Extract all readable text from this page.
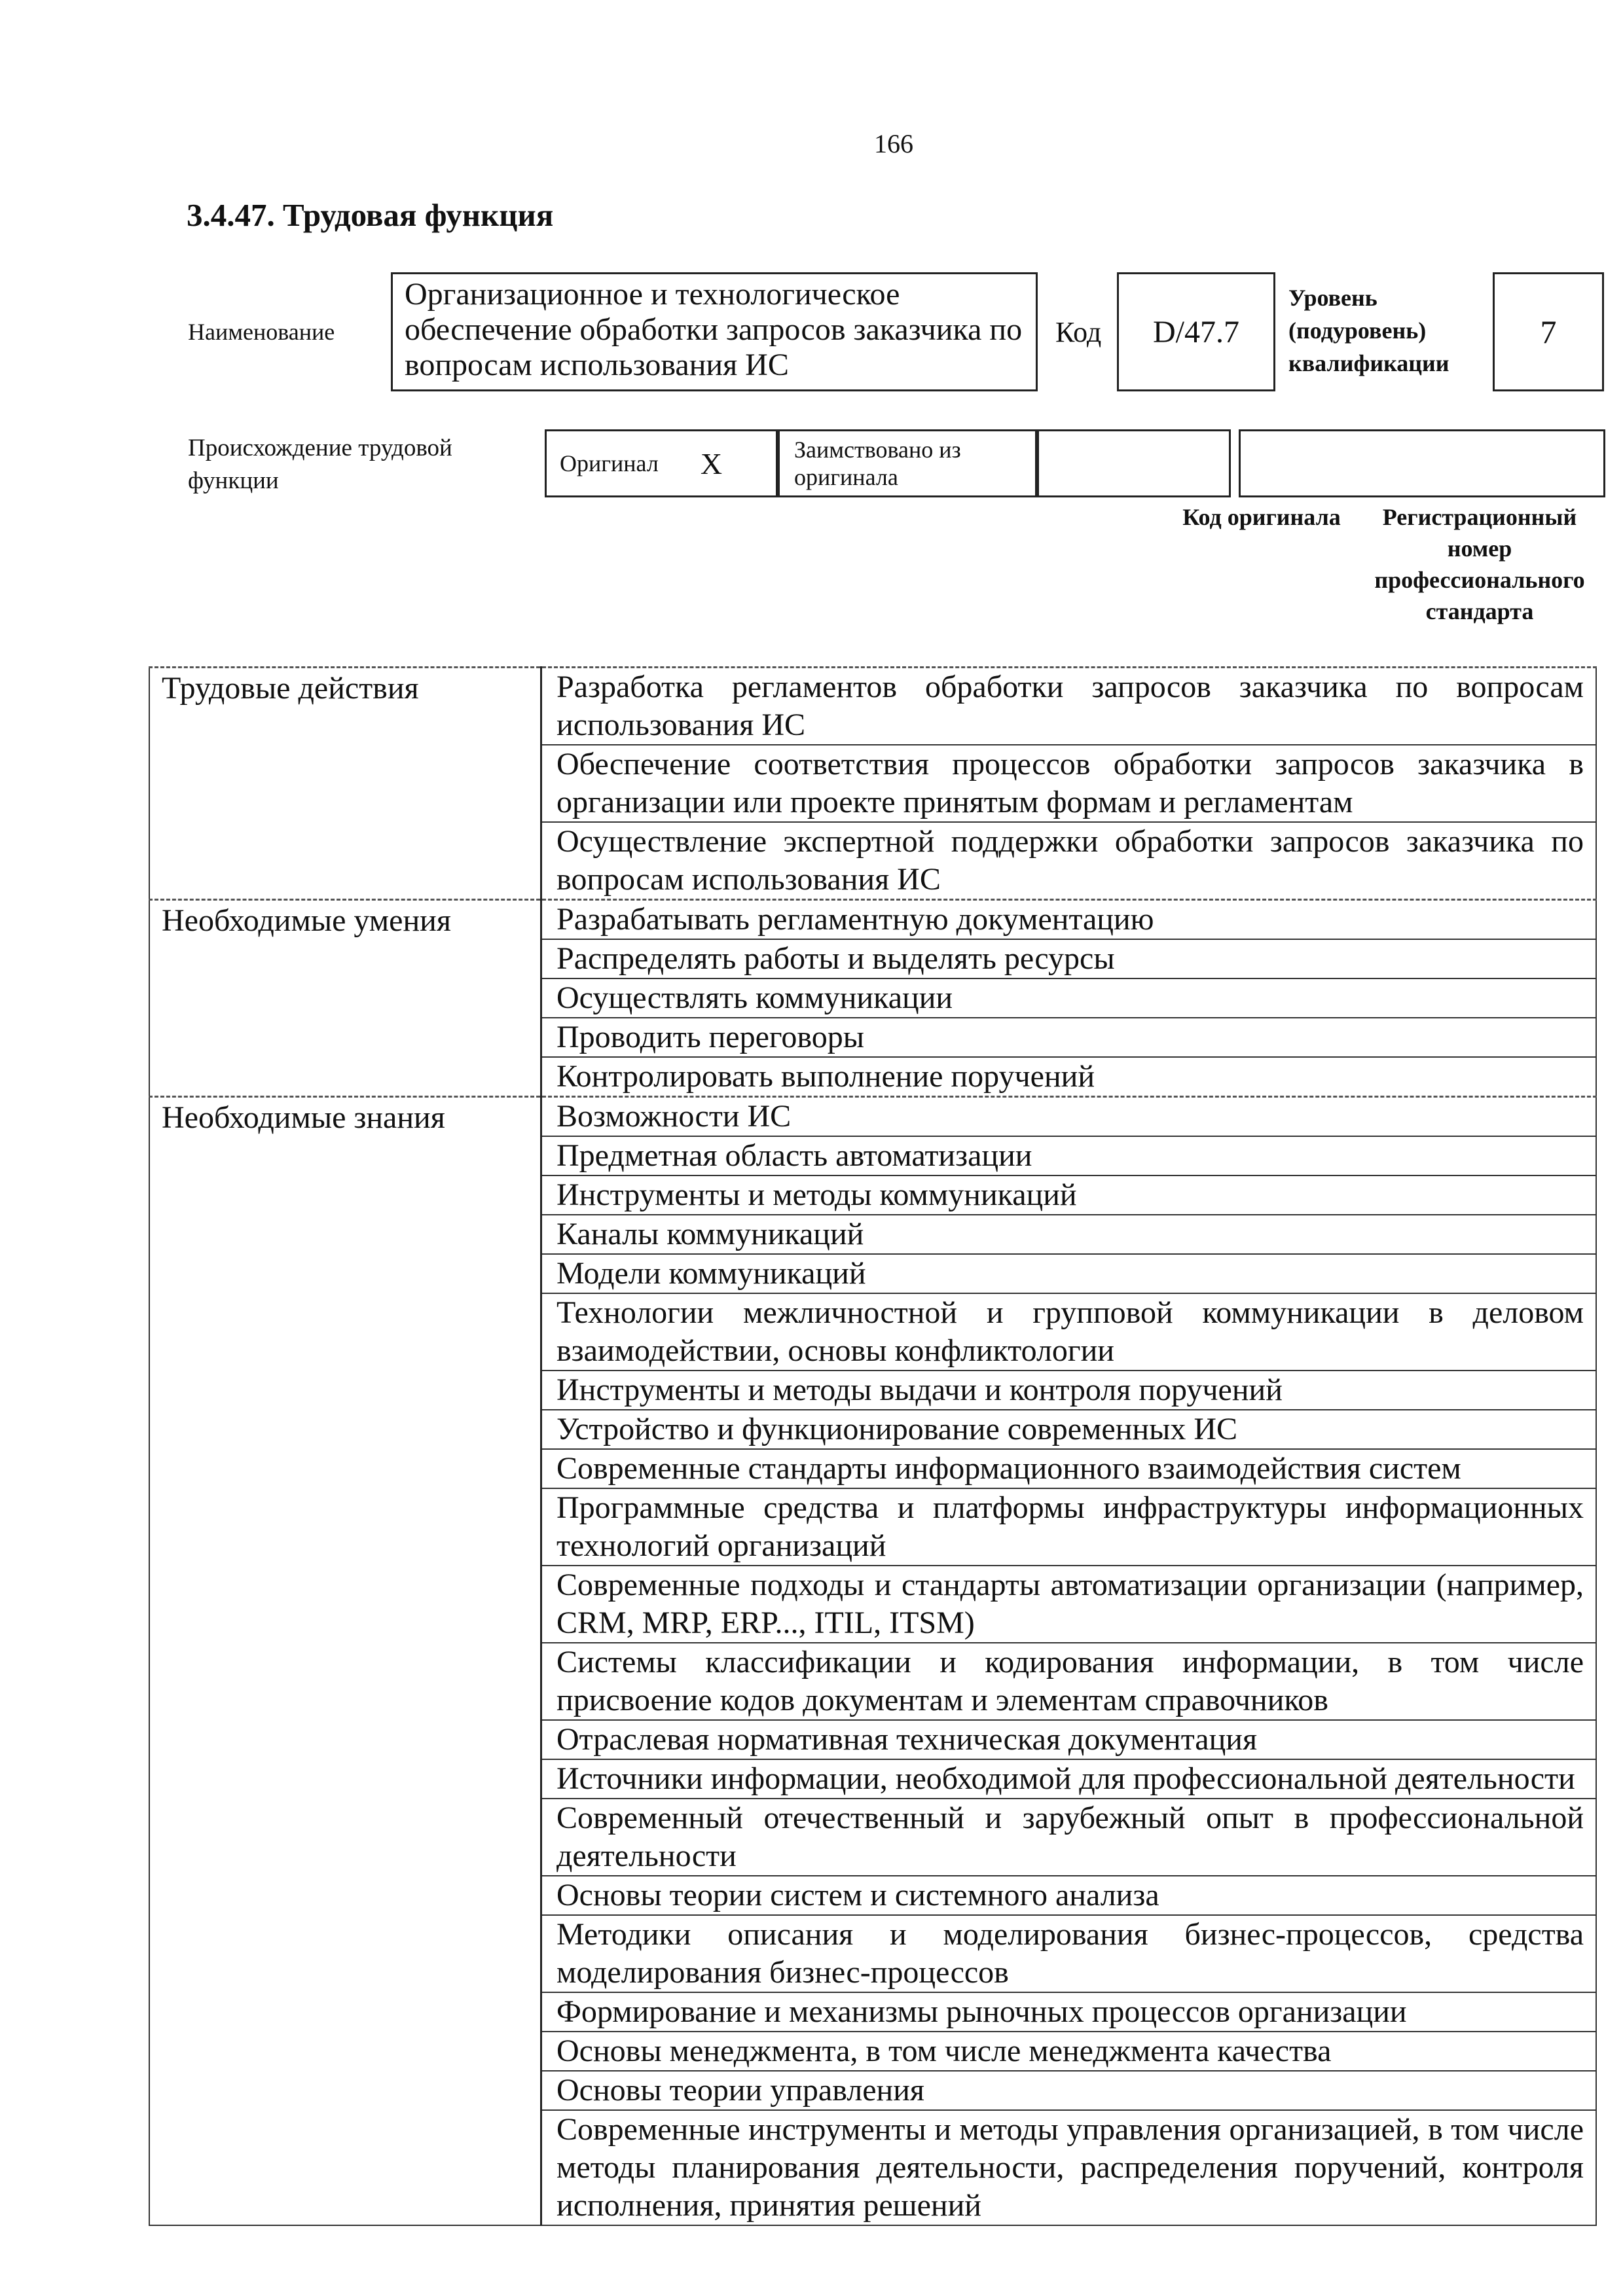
166
3.4.47. Трудовая функция
Наименование
Организационное и технологическое обеспечение обработки запросов заказчика по вопросам использования ИС
Код	D/47.7
Уровень (подуровень) квалификации
7
Происхождение трудовой функции
Оригинал X	Заимствовано из оригинала
Код оригинала	Регистрационный номер профессионального стандарта
Трудовые действия	Разработка регламентов обработки запросов заказчика по вопросам использования ИС
	Обеспечение соответствия процессов обработки запросов заказчика в организации или проекте принятым формам и регламентам
	Осуществление экспертной поддержки обработки запросов заказчика по вопросам использования ИС
Необходимые умения	Разрабатывать регламентную документацию
	Распределять работы и выделять ресурсы
	Осуществлять коммуникации
	Проводить переговоры
	Контролировать выполнение поручений
Необходимые знания	Возможности ИС
	Предметная область автоматизации
	Инструменты и методы коммуникаций
	Каналы коммуникаций
	Модели коммуникаций
	Технологии межличностной и групповой коммуникации в деловом взаимодействии, основы конфликтологии
	Инструменты и методы выдачи и контроля поручений
	Устройство и функционирование современных ИС
	Современные стандарты информационного взаимодействия систем
	Программные средства и платформы инфраструктуры информационных технологий организаций
	Современные подходы и стандарты автоматизации организации (например, CRM, MRP, ERP..., ITIL, ITSM)
	Системы классификации и кодирования информации, в том числе присвоение кодов документам и элементам справочников
	Отраслевая нормативная техническая документация
	Источники информации, необходимой для профессиональной деятельности
	Современный отечественный и зарубежный опыт в профессиональной деятельности
	Основы теории систем и системного анализа
	Методики описания и моделирования бизнес-процессов, средства моделирования бизнес-процессов
	Формирование и механизмы рыночных процессов организации
	Основы менеджмента, в том числе менеджмента качества
	Основы теории управления
	Современные инструменты и методы управления организацией, в том числе методы планирования деятельности, распределения поручений, контроля исполнения, принятия решений
